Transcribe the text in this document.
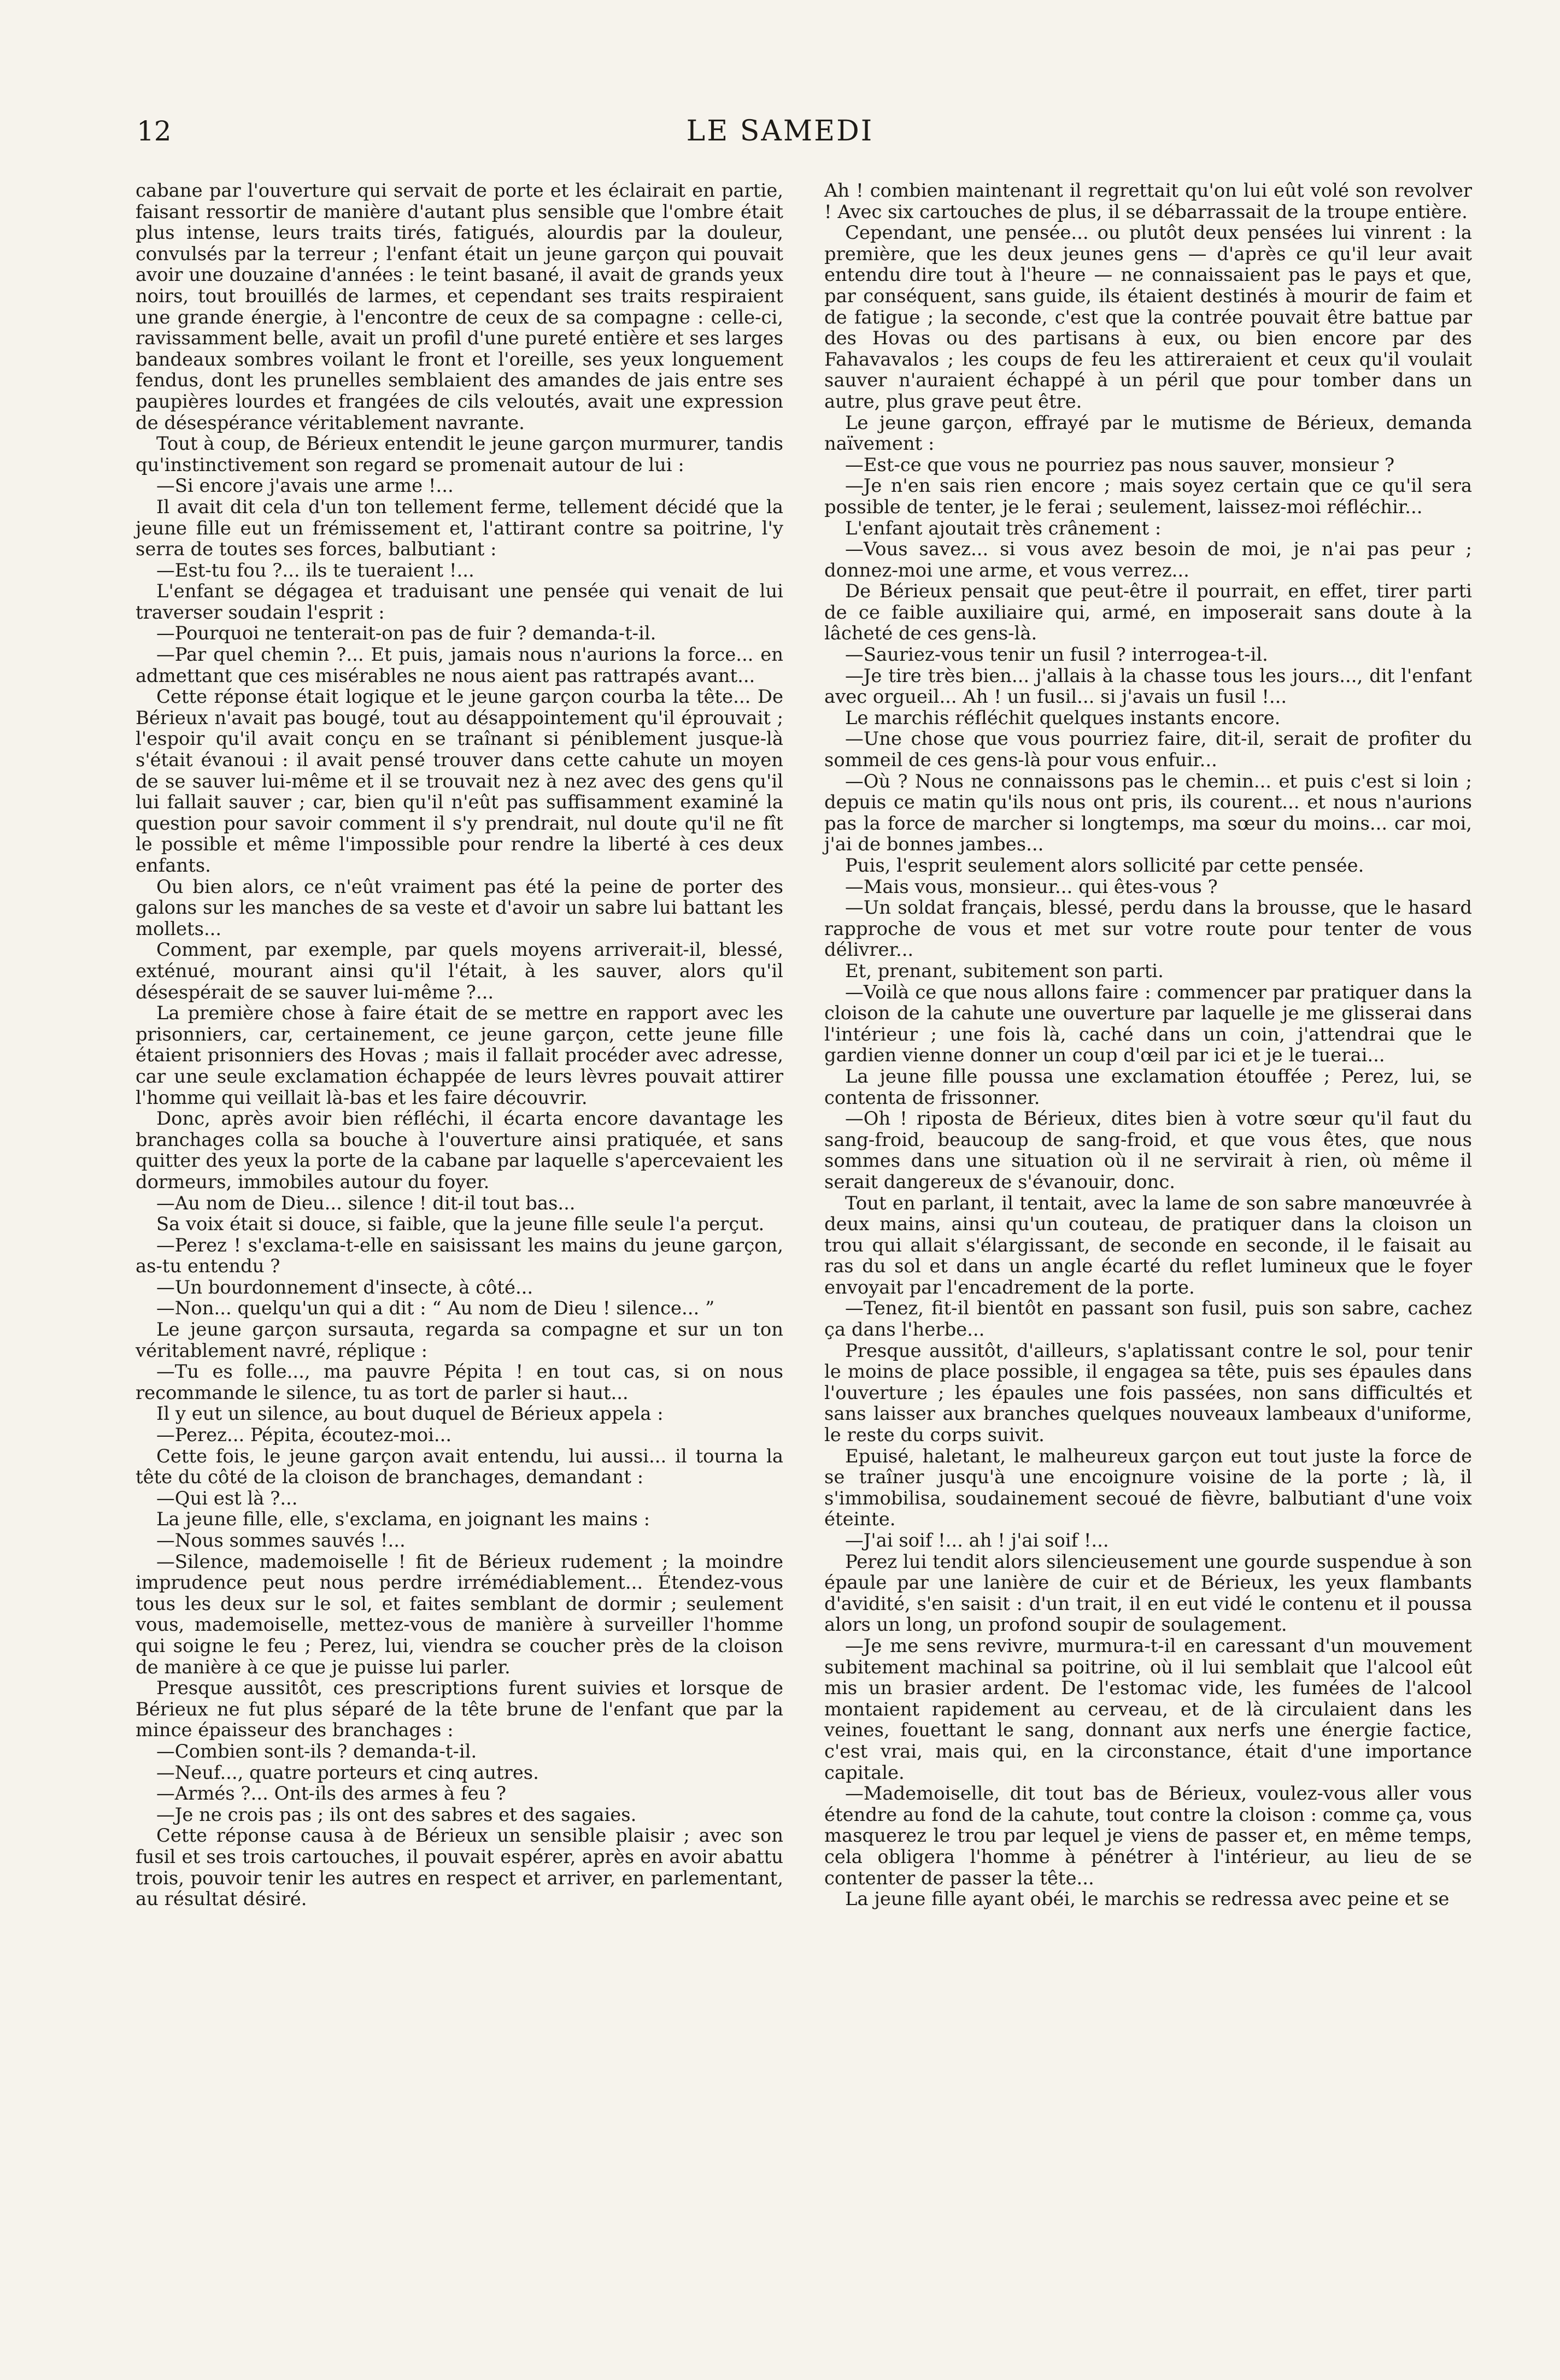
12	LE SAMEDI

cabane par l'ouverture qui servait de porte et les éclairait en partie, faisant ressortir de manière d'autant plus sensible que l'ombre était plus intense, leurs traits tirés, fatigués, alourdis par la douleur, convulsés par la terreur ; l'enfant était un jeune garçon qui pouvait avoir une douzaine d'années : le teint basané, il avait de grands yeux noirs, tout brouillés de larmes, et cependant ses traits respiraient une grande énergie, à l'encontre de ceux de sa compagne : celle-ci, ravissamment belle, avait un profil d'une pureté entière et ses larges bandeaux sombres voilant le front et l'oreille, ses yeux longuement fendus, dont les prunelles semblaient des amandes de jais entre ses paupières lourdes et frangées de cils veloutés, avait une expression de désespérance véritablement navrante.

Tout à coup, de Bérieux entendit le jeune garçon murmurer, tandis qu'instinctivement son regard se promenait autour de lui :

—Si encore j'avais une arme !...

Il avait dit cela d'un ton tellement ferme, tellement décidé que la jeune fille eut un frémissement et, l'attirant contre sa poitrine, l'y serra de toutes ses forces, balbutiant :

—Est-tu fou ?... ils te tueraient !...

L'enfant se dégagea et traduisant une pensée qui venait de lui traverser soudain l'esprit :

—Pourquoi ne tenterait-on pas de fuir ? demanda-t-il.

—Par quel chemin ?... Et puis, jamais nous n'aurions la force... en admettant que ces misérables ne nous aient pas rattrapés avant...

Cette réponse était logique et le jeune garçon courba la tête... De Bérieux n'avait pas bougé, tout au désappointement qu'il éprouvait ; l'espoir qu'il avait conçu en se traînant si péniblement jusque-là s'était évanoui : il avait pensé trouver dans cette cahute un moyen de se sauver lui-même et il se trouvait nez à nez avec des gens qu'il lui fallait sauver ; car, bien qu'il n'eût pas suffisamment examiné la question pour savoir comment il s'y prendrait, nul doute qu'il ne fît le possible et même l'impossible pour rendre la liberté à ces deux enfants.

Ou bien alors, ce n'eût vraiment pas été la peine de porter des galons sur les manches de sa veste et d'avoir un sabre lui battant les mollets...

Comment, par exemple, par quels moyens arriverait-il, blessé, exténué, mourant ainsi qu'il l'était, à les sauver, alors qu'il désespérait de se sauver lui-même ?...

La première chose à faire était de se mettre en rapport avec les prisonniers, car, certainement, ce jeune garçon, cette jeune fille étaient prisonniers des Hovas ; mais il fallait procéder avec adresse, car une seule exclamation échappée de leurs lèvres pouvait attirer l'homme qui veillait là-bas et les faire découvrir.

Donc, après avoir bien réfléchi, il écarta encore davantage les branchages colla sa bouche à l'ouverture ainsi pratiquée, et sans quitter des yeux la porte de la cabane par laquelle s'apercevaient les dormeurs, immobiles autour du foyer.

—Au nom de Dieu... silence ! dit-il tout bas...

Sa voix était si douce, si faible, que la jeune fille seule l'a perçut.

—Perez ! s'exclama-t-elle en saisissant les mains du jeune garçon, as-tu entendu ?

—Un bourdonnement d'insecte, à côté...

—Non... quelqu'un qui a dit : “ Au nom de Dieu ! silence... ”

Le jeune garçon sursauta, regarda sa compagne et sur un ton véritablement navré, réplique :

—Tu es folle..., ma pauvre Pépita ! en tout cas, si on nous recommande le silence, tu as tort de parler si haut...

Il y eut un silence, au bout duquel de Bérieux appela :

—Perez... Pépita, écoutez-moi...

Cette fois, le jeune garçon avait entendu, lui aussi... il tourna la tête du côté de la cloison de branchages, demandant :

—Qui est là ?...

La jeune fille, elle, s'exclama, en joignant les mains :

—Nous sommes sauvés !...

—Silence, mademoiselle ! fit de Bérieux rudement ; la moindre imprudence peut nous perdre irrémédiablement... Étendez-vous tous les deux sur le sol, et faites semblant de dormir ; seulement vous, mademoiselle, mettez-vous de manière à surveiller l'homme qui soigne le feu ; Perez, lui, viendra se coucher près de la cloison de manière à ce que je puisse lui parler.

Presque aussitôt, ces prescriptions furent suivies et lorsque de Bérieux ne fut plus séparé de la tête brune de l'enfant que par la mince épaisseur des branchages :

—Combien sont-ils ? demanda-t-il.

—Neuf..., quatre porteurs et cinq autres.

—Armés ?... Ont-ils des armes à feu ?

—Je ne crois pas ; ils ont des sabres et des sagaies.

Cette réponse causa à de Bérieux un sensible plaisir ; avec son fusil et ses trois cartouches, il pouvait espérer, après en avoir abattu trois, pouvoir tenir les autres en respect et arriver, en parlementant, au résultat désiré.

Ah ! combien maintenant il regrettait qu'on lui eût volé son revolver ! Avec six cartouches de plus, il se débarrassait de la troupe entière.

Cependant, une pensée... ou plutôt deux pensées lui vinrent : la première, que les deux jeunes gens — d'après ce qu'il leur avait entendu dire tout à l'heure — ne connaissaient pas le pays et que, par conséquent, sans guide, ils étaient destinés à mourir de faim et de fatigue ; la seconde, c'est que la contrée pouvait être battue par des Hovas ou des partisans à eux, ou bien encore par des Fahavavalos ; les coups de feu les attireraient et ceux qu'il voulait sauver n'auraient échappé à un péril que pour tomber dans un autre, plus grave peut être.

Le jeune garçon, effrayé par le mutisme de Bérieux, demanda naïvement :

—Est-ce que vous ne pourriez pas nous sauver, monsieur ?

—Je n'en sais rien encore ; mais soyez certain que ce qu'il sera possible de tenter, je le ferai ; seulement, laissez-moi réfléchir...

L'enfant ajoutait très crânement :

—Vous savez... si vous avez besoin de moi, je n'ai pas peur ; donnez-moi une arme, et vous verrez...

De Bérieux pensait que peut-être il pourrait, en effet, tirer parti de ce faible auxiliaire qui, armé, en imposerait sans doute à la lâcheté de ces gens-là.

—Sauriez-vous tenir un fusil ? interrogea-t-il.

—Je tire très bien... j'allais à la chasse tous les jours..., dit l'enfant avec orgueil... Ah ! un fusil... si j'avais un fusil !...

Le marchis réfléchit quelques instants encore.

—Une chose que vous pourriez faire, dit-il, serait de profiter du sommeil de ces gens-là pour vous enfuir...

—Où ? Nous ne connaissons pas le chemin... et puis c'est si loin ; depuis ce matin qu'ils nous ont pris, ils courent... et nous n'aurions pas la force de marcher si longtemps, ma sœur du moins... car moi, j'ai de bonnes jambes...

Puis, l'esprit seulement alors sollicité par cette pensée.

—Mais vous, monsieur... qui êtes-vous ?

—Un soldat français, blessé, perdu dans la brousse, que le hasard rapproche de vous et met sur votre route pour tenter de vous délivrer...

Et, prenant, subitement son parti.

—Voilà ce que nous allons faire : commencer par pratiquer dans la cloison de la cahute une ouverture par laquelle je me glisserai dans l'intérieur ; une fois là, caché dans un coin, j'attendrai que le gardien vienne donner un coup d'œil par ici et je le tuerai...

La jeune fille poussa une exclamation étouffée ; Perez, lui, se contenta de frissonner.

—Oh ! riposta de Bérieux, dites bien à votre sœur qu'il faut du sang-froid, beaucoup de sang-froid, et que vous êtes, que nous sommes dans une situation où il ne servirait à rien, où même il serait dangereux de s'évanouir, donc.

Tout en parlant, il tentait, avec la lame de son sabre manœuvrée à deux mains, ainsi qu'un couteau, de pratiquer dans la cloison un trou qui allait s'élargissant, de seconde en seconde, il le faisait au ras du sol et dans un angle écarté du reflet lumineux que le foyer envoyait par l'encadrement de la porte.

—Tenez, fit-il bientôt en passant son fusil, puis son sabre, cachez ça dans l'herbe...

Presque aussitôt, d'ailleurs, s'aplatissant contre le sol, pour tenir le moins de place possible, il engagea sa tête, puis ses épaules dans l'ouverture ; les épaules une fois passées, non sans difficultés et sans laisser aux branches quelques nouveaux lambeaux d'uniforme, le reste du corps suivit.

Epuisé, haletant, le malheureux garçon eut tout juste la force de se traîner jusqu'à une encoignure voisine de la porte ; là, il s'immobilisa, soudainement secoué de fièvre, balbutiant d'une voix éteinte.

—J'ai soif !... ah ! j'ai soif !...

Perez lui tendit alors silencieusement une gourde suspendue à son épaule par une lanière de cuir et de Bérieux, les yeux flambants d'avidité, s'en saisit : d'un trait, il en eut vidé le contenu et il poussa alors un long, un profond soupir de soulagement.

—Je me sens revivre, murmura-t-il en caressant d'un mouvement subitement machinal sa poitrine, où il lui semblait que l'alcool eût mis un brasier ardent. De l'estomac vide, les fumées de l'alcool montaient rapidement au cerveau, et de là circulaient dans les veines, fouettant le sang, donnant aux nerfs une énergie factice, c'est vrai, mais qui, en la circonstance, était d'une importance capitale.

—Mademoiselle, dit tout bas de Bérieux, voulez-vous aller vous étendre au fond de la cahute, tout contre la cloison : comme ça, vous masquerez le trou par lequel je viens de passer et, en même temps, cela obligera l'homme à pénétrer à l'intérieur, au lieu de se contenter de passer la tête...

La jeune fille ayant obéi, le marchis se redressa avec peine et se
